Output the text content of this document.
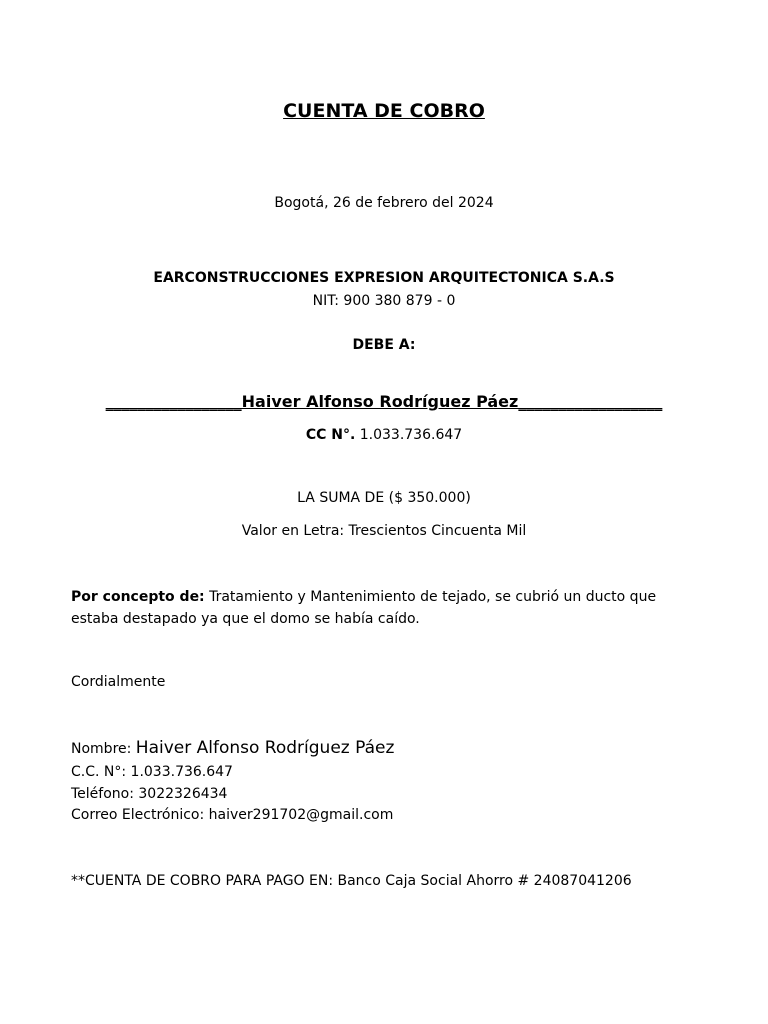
CUENTA DE COBRO
Bogotá, 26 de febrero del 2024
EARCONSTRUCCIONES EXPRESION ARQUITECTONICA S.A.S
NIT: 900 380 879 - 0
DEBE A:
_________________Haiver Alfonso Rodríguez Páez__________________
CC N°. 1.033.736.647
LA SUMA DE ($ 350.000)
Valor en Letra: Trescientos Cincuenta Mil
Por concepto de: Tratamiento y Mantenimiento de tejado, se cubrió un ducto que estaba destapado ya que el domo se había caído.
Cordialmente
Nombre: Haiver Alfonso Rodríguez Páez
C.C. N°: 1.033.736.647
Teléfono: 3022326434
Correo Electrónico: haiver291702@gmail.com
**CUENTA DE COBRO PARA PAGO EN: Banco Caja Social Ahorro # 24087041206
